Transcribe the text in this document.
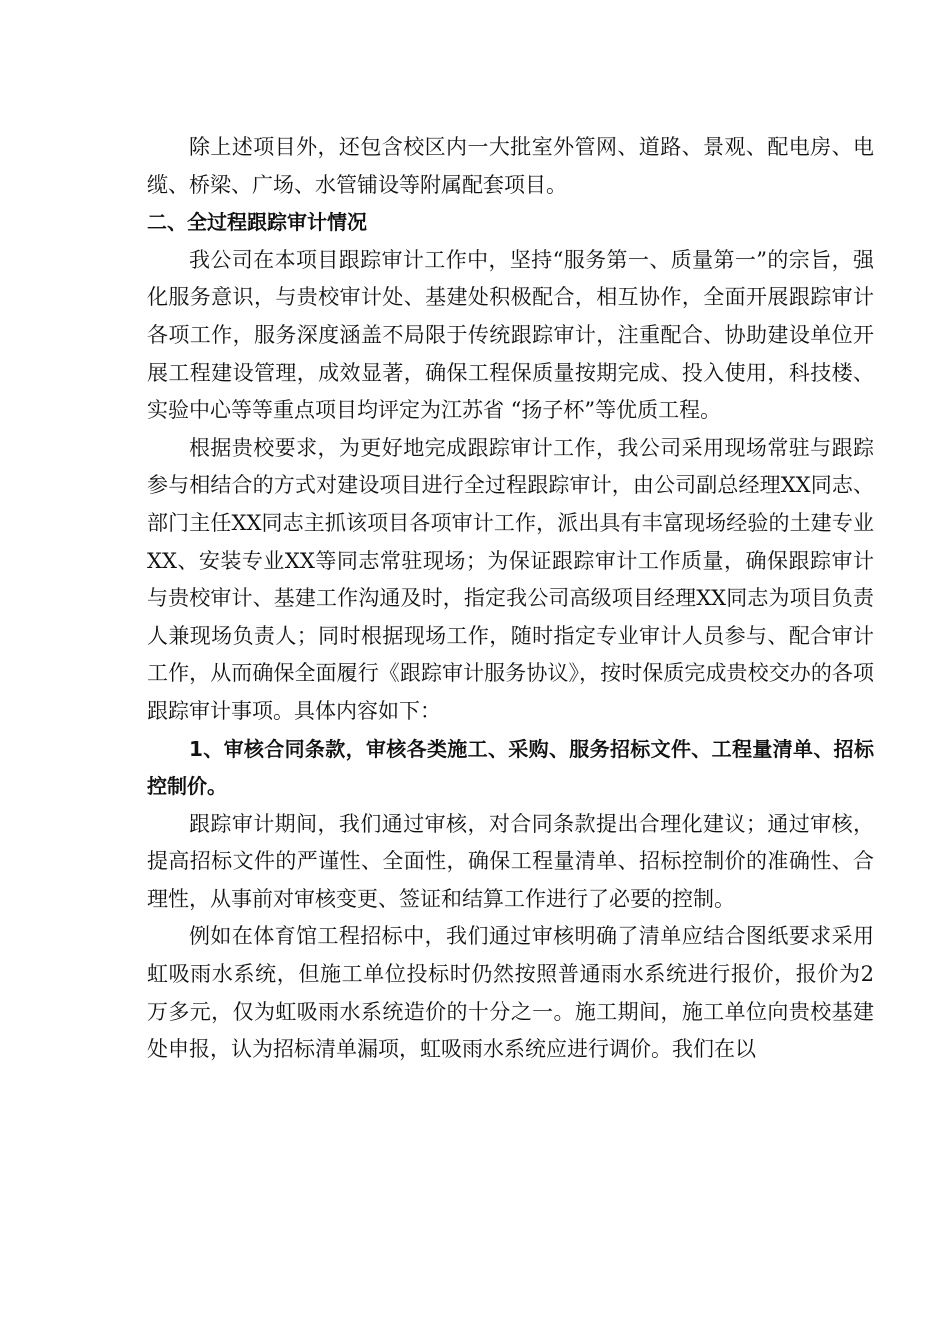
除上述项目外，还包含校区内一大批室外管网、道路、景观、配电房、电缆、桥梁、广场、水管铺设等附属配套项目。

二、全过程跟踪审计情况

我公司在本项目跟踪审计工作中，坚持“服务第一、质量第一”的宗旨，强化服务意识，与贵校审计处、基建处积极配合，相互协作，全面开展跟踪审计各项工作，服务深度涵盖不局限于传统跟踪审计，注重配合、协助建设单位开展工程建设管理，成效显著，确保工程保质量按期完成、投入使用，科技楼、实验中心等等重点项目均评定为江苏省 “扬子杯”等优质工程。

根据贵校要求，为更好地完成跟踪审计工作，我公司采用现场常驻与跟踪参与相结合的方式对建设项目进行全过程跟踪审计，由公司副总经理XX同志、部门主任XX同志主抓该项目各项审计工作，派出具有丰富现场经验的土建专业XX、安装专业XX等同志常驻现场；为保证跟踪审计工作质量，确保跟踪审计与贵校审计、基建工作沟通及时，指定我公司高级项目经理XX同志为项目负责人兼现场负责人；同时根据现场工作，随时指定专业审计人员参与、配合审计工作，从而确保全面履行《跟踪审计服务协议》，按时保质完成贵校交办的各项跟踪审计事项。具体内容如下：

1、审核合同条款，审核各类施工、采购、服务招标文件、工程量清单、招标控制价。

跟踪审计期间，我们通过审核，对合同条款提出合理化建议；通过审核，提高招标文件的严谨性、全面性，确保工程量清单、招标控制价的准确性、合理性，从事前对审核变更、签证和结算工作进行了必要的控制。

例如在体育馆工程招标中，我们通过审核明确了清单应结合图纸要求采用虹吸雨水系统，但施工单位投标时仍然按照普通雨水系统进行报价，报价为2万多元，仅为虹吸雨水系统造价的十分之一。施工期间，施工单位向贵校基建处申报，认为招标清单漏项，虹吸雨水系统应进行调价。我们在以
